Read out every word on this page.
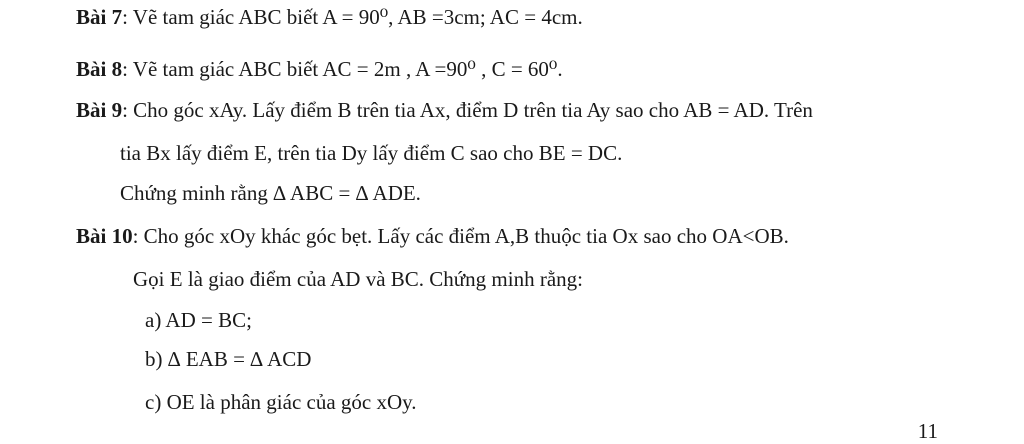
Bài 7: Vẽ tam giác ABC biết A = 90⁰, AB =3cm; AC = 4cm.
Bài 8: Vẽ tam giác ABC biết AC = 2m , A =90⁰ , C = 60⁰.
Bài 9: Cho góc xAy. Lấy điểm B trên tia Ax, điểm D trên tia Ay sao cho AB = AD. Trên
tia Bx lấy điểm E, trên tia Dy lấy điểm C sao cho BE = DC.
Chứng minh rằng ∆ ABC = ∆ ADE.
Bài 10: Cho góc xOy khác góc bẹt. Lấy các điểm A,B thuộc tia Ox sao cho OA<OB.
Gọi E là giao điểm của AD và BC. Chứng minh rằng:
a) AD = BC;
b) ∆ EAB = ∆ ACD
c) OE là phân giác của góc xOy.
11
